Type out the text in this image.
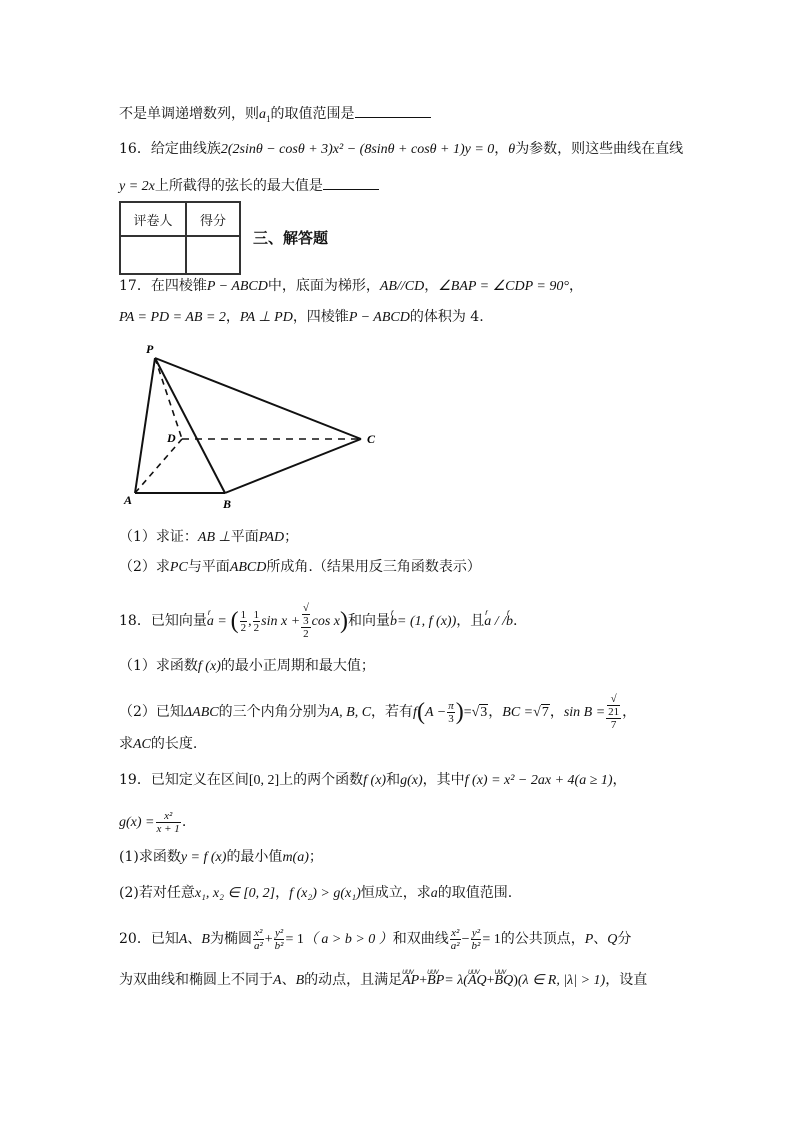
不是单调递增数列，则$a_1$的取值范围是
16．给定曲线族2(2sinθ − cosθ + 3)x² − (8sinθ + cosθ + 1)y = 0，θ为参数，则这些曲线在直线
y = 2x上所截得的弦长的最大值是
评卷人	得分

三、解答题
17．在四棱锥P − ABCD中，底面为梯形，AB//CD，∠BAP = ∠CDP = 90°，
PA = PD = AB = 2，PA ⊥ PD，四棱锥P − ABCD的体积为 4.
P
D	C
A	B
（1）求证：AB ⊥平面PAD；
（2）求PC与平面ABCD所成角.（结果用反三角函数表示）
18．已知向量r a = ( $\frac{1}{2}$ , $\frac{1}{2}$ sin x + √
3
2 cos x)和向量r b= (1, f (x))，且r a / /r b.
（1）求函数f (x)的最小正周期和最大值；
（2）已知ΔABC的三个内角分别为A, B, C，若有$f(A - \frac{\pi}{3} )=√3$，BC =√7，sin B = √
21
7 ，
求AC的长度.
19．已知定义在区间[0, 2]上的两个函数f (x)和g(x)，其中f (x) = x² − 2ax + 4(a ≥ 1)，
$g(x) = \frac{\text{x²}}{x + 1}$ .
(1)求函数y = f (x)的最小值m(a)；
(2)若对任意x₁, x₂ ∈ [0, 2]，f (x₂) > g(x₁)恒成立，求a的取值范围.
20．已知A、B为椭圆 $\frac{\text{x²}}{\text{a²}} + \frac{\text{y²}}{\text{b²}} = 1$（ a > b > 0 ）和双曲线 $\frac{\text{x²}}{\text{a²}} - \frac{\text{y²}}{\text{b²}} = 1$的公共顶点，P、Q分
为双曲线和椭圆上不同于A、B的动点，且满足UUV AP+UUV BP= λ(UUV AQ+UUV BQ)(λ ∈ R, |λ| > 1)，设直
